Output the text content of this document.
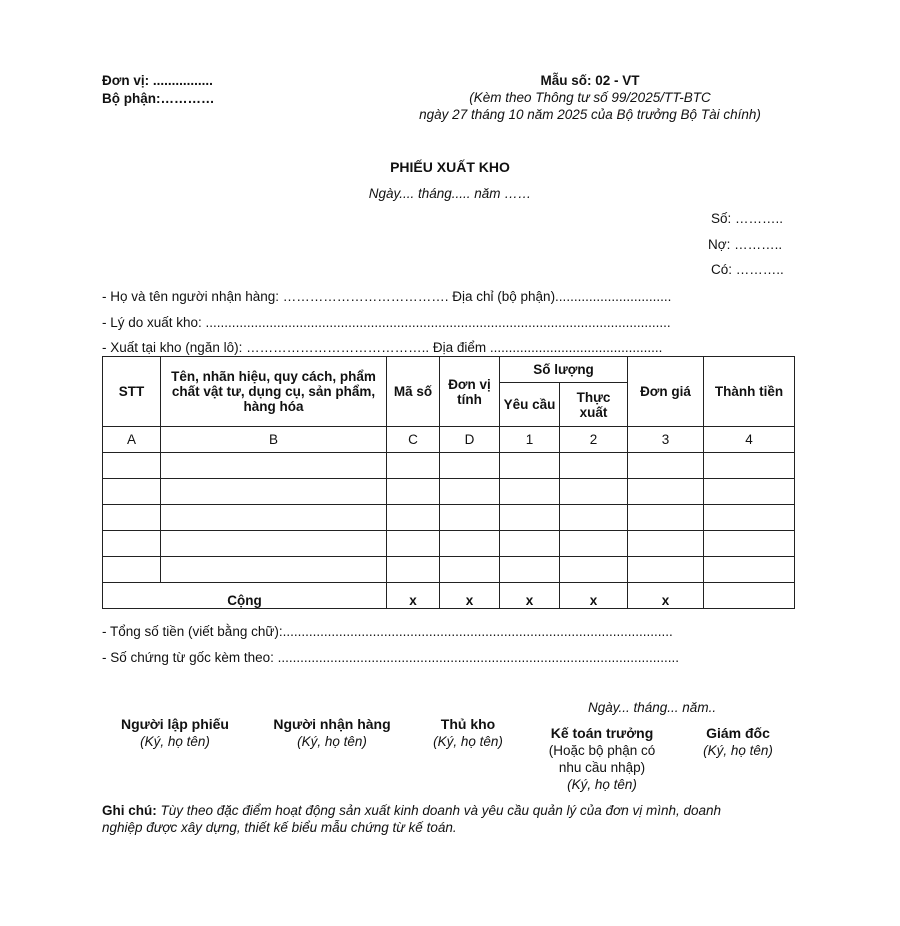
Đơn vị: ................
Bộ phận:…………
Mẫu số: 02 - VT
(Kèm theo Thông tư số 99/2025/TT-BTC
ngày 27 tháng 10 năm 2025 của Bộ trưởng Bộ Tài chính)
PHIẾU XUẤT KHO
Ngày.... tháng..... năm ……
Số: ………..
Nợ: ………..
Có: ………..
- Họ và tên người nhận hàng: ………………………………. Địa chỉ (bộ phận)...............................
- Lý do xuất kho: ............................................................................................................................
- Xuất tại kho (ngăn lô): ………………………………….. Địa điểm ..............................................
STT	Tên, nhãn hiệu, quy cách, phẩm chất vật tư, dụng cụ, sản phẩm, hàng hóa	Mã số	Đơn vị tính	Số lượng		Đơn giá	Thành tiền
				Yêu cầu	Thực xuất		
A	B	C	D	1	2	3	4

Cộng		x	x	x	x	x	
- Tổng số tiền (viết bằng chữ):........................................................................................................
- Số chứng từ gốc kèm theo: ...........................................................................................................
Ngày... tháng... năm..
Người lập phiếu
(Ký, họ tên)
Người nhận hàng
(Ký, họ tên)
Thủ kho
(Ký, họ tên)
Kế toán trưởng
(Hoặc bộ phận có
nhu cầu nhập)
(Ký, họ tên)
Giám đốc
(Ký, họ tên)
Ghi chú: Tùy theo đặc điểm hoạt động sản xuất kinh doanh và yêu cầu quản lý của đơn vị mình, doanh
nghiệp được xây dựng, thiết kế biểu mẫu chứng từ kế toán.
